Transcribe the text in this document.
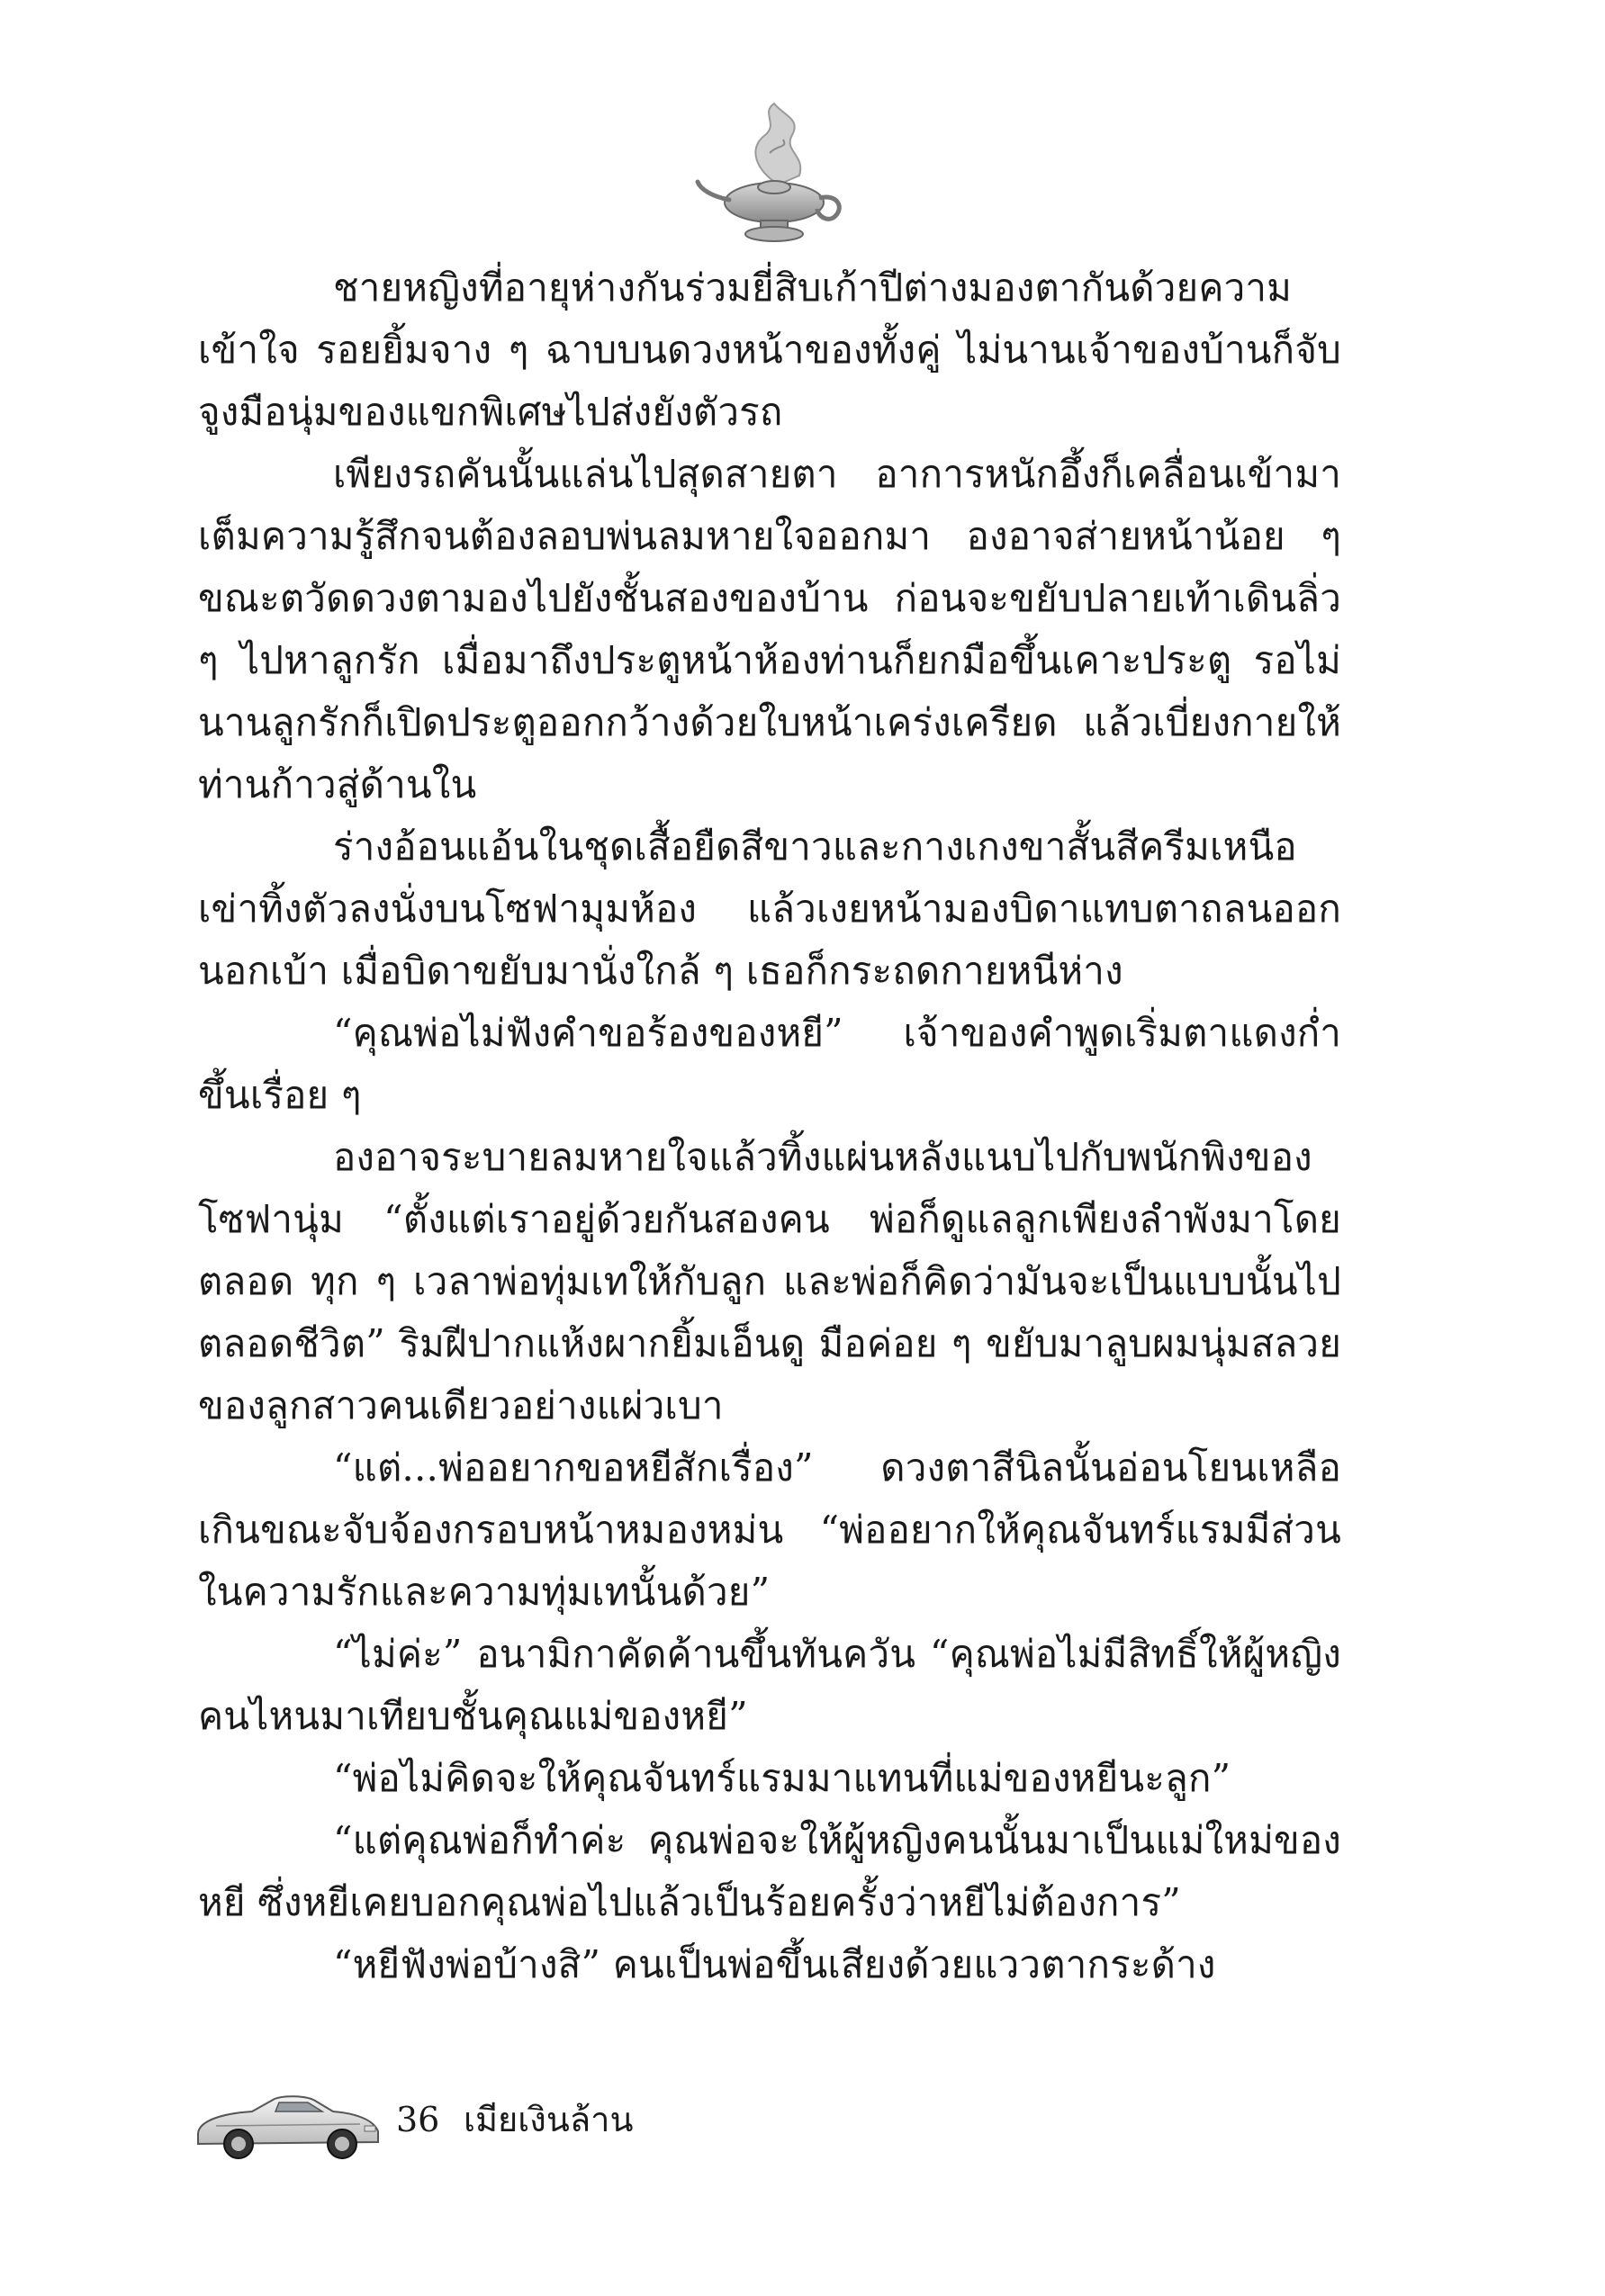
ชายหญิงที่อายุห่างกันร่วมยี่สิบเก้าปีต่างมองตากันด้วยความเข้าใจ รอยยิ้มจาง ๆ ฉาบบนดวงหน้าของทั้งคู่ ไม่นานเจ้าของบ้านก็จับจูงมือนุ่มของแขกพิเศษไปส่งยังตัวรถ

เพียงรถคันนั้นแล่นไปสุดสายตา อาการหนักอึ้งก็เคลื่อนเข้ามาเต็มความรู้สึกจนต้องลอบพ่นลมหายใจออกมา องอาจส่ายหน้าน้อย ๆ ขณะตวัดดวงตามองไปยังชั้นสองของบ้าน ก่อนจะขยับปลายเท้าเดินลิ่ว ๆ ไปหาลูกรัก เมื่อมาถึงประตูหน้าห้องท่านก็ยกมือขึ้นเคาะประตู รอไม่นานลูกรักก็เปิดประตูออกกว้างด้วยใบหน้าเคร่งเครียด แล้วเบี่ยงกายให้ท่านก้าวสู่ด้านใน

ร่างอ้อนแอ้นในชุดเสื้อยืดสีขาวและกางเกงขาสั้นสีครีมเหนือเข่าทิ้งตัวลงนั่งบนโซฟามุมห้อง แล้วเงยหน้ามองบิดาแทบตาถลนออกนอกเบ้า เมื่อบิดาขยับมานั่งใกล้ ๆ เธอก็กระถดกายหนีห่าง

“คุณพ่อไม่ฟังคำขอร้องของหยี” เจ้าของคำพูดเริ่มตาแดงก่ำขึ้นเรื่อย ๆ

องอาจระบายลมหายใจแล้วทิ้งแผ่นหลังแนบไปกับพนักพิงของโซฟานุ่ม “ตั้งแต่เราอยู่ด้วยกันสองคน พ่อก็ดูแลลูกเพียงลำพังมาโดยตลอด ทุก ๆ เวลาพ่อทุ่มเทให้กับลูก และพ่อก็คิดว่ามันจะเป็นแบบนั้นไปตลอดชีวิต” ริมฝีปากแห้งผากยิ้มเอ็นดู มือค่อย ๆ ขยับมาลูบผมนุ่มสลวยของลูกสาวคนเดียวอย่างแผ่วเบา

“แต่...พ่ออยากขอหยีสักเรื่อง” ดวงตาสีนิลนั้นอ่อนโยนเหลือเกินขณะจับจ้องกรอบหน้าหมองหม่น “พ่ออยากให้คุณจันทร์แรมมีส่วนในความรักและความทุ่มเทนั้นด้วย”

“ไม่ค่ะ” อนามิกาคัดค้านขึ้นทันควัน “คุณพ่อไม่มีสิทธิ์ให้ผู้หญิงคนไหนมาเทียบชั้นคุณแม่ของหยี”

“พ่อไม่คิดจะให้คุณจันทร์แรมมาแทนที่แม่ของหยีนะลูก”

“แต่คุณพ่อก็ทำค่ะ คุณพ่อจะให้ผู้หญิงคนนั้นมาเป็นแม่ใหม่ของหยี ซึ่งหยีเคยบอกคุณพ่อไปแล้วเป็นร้อยครั้งว่าหยีไม่ต้องการ”

“หยีฟังพ่อบ้างสิ” คนเป็นพ่อขึ้นเสียงด้วยแววตากระด้าง

36 เมียเงินล้าน
